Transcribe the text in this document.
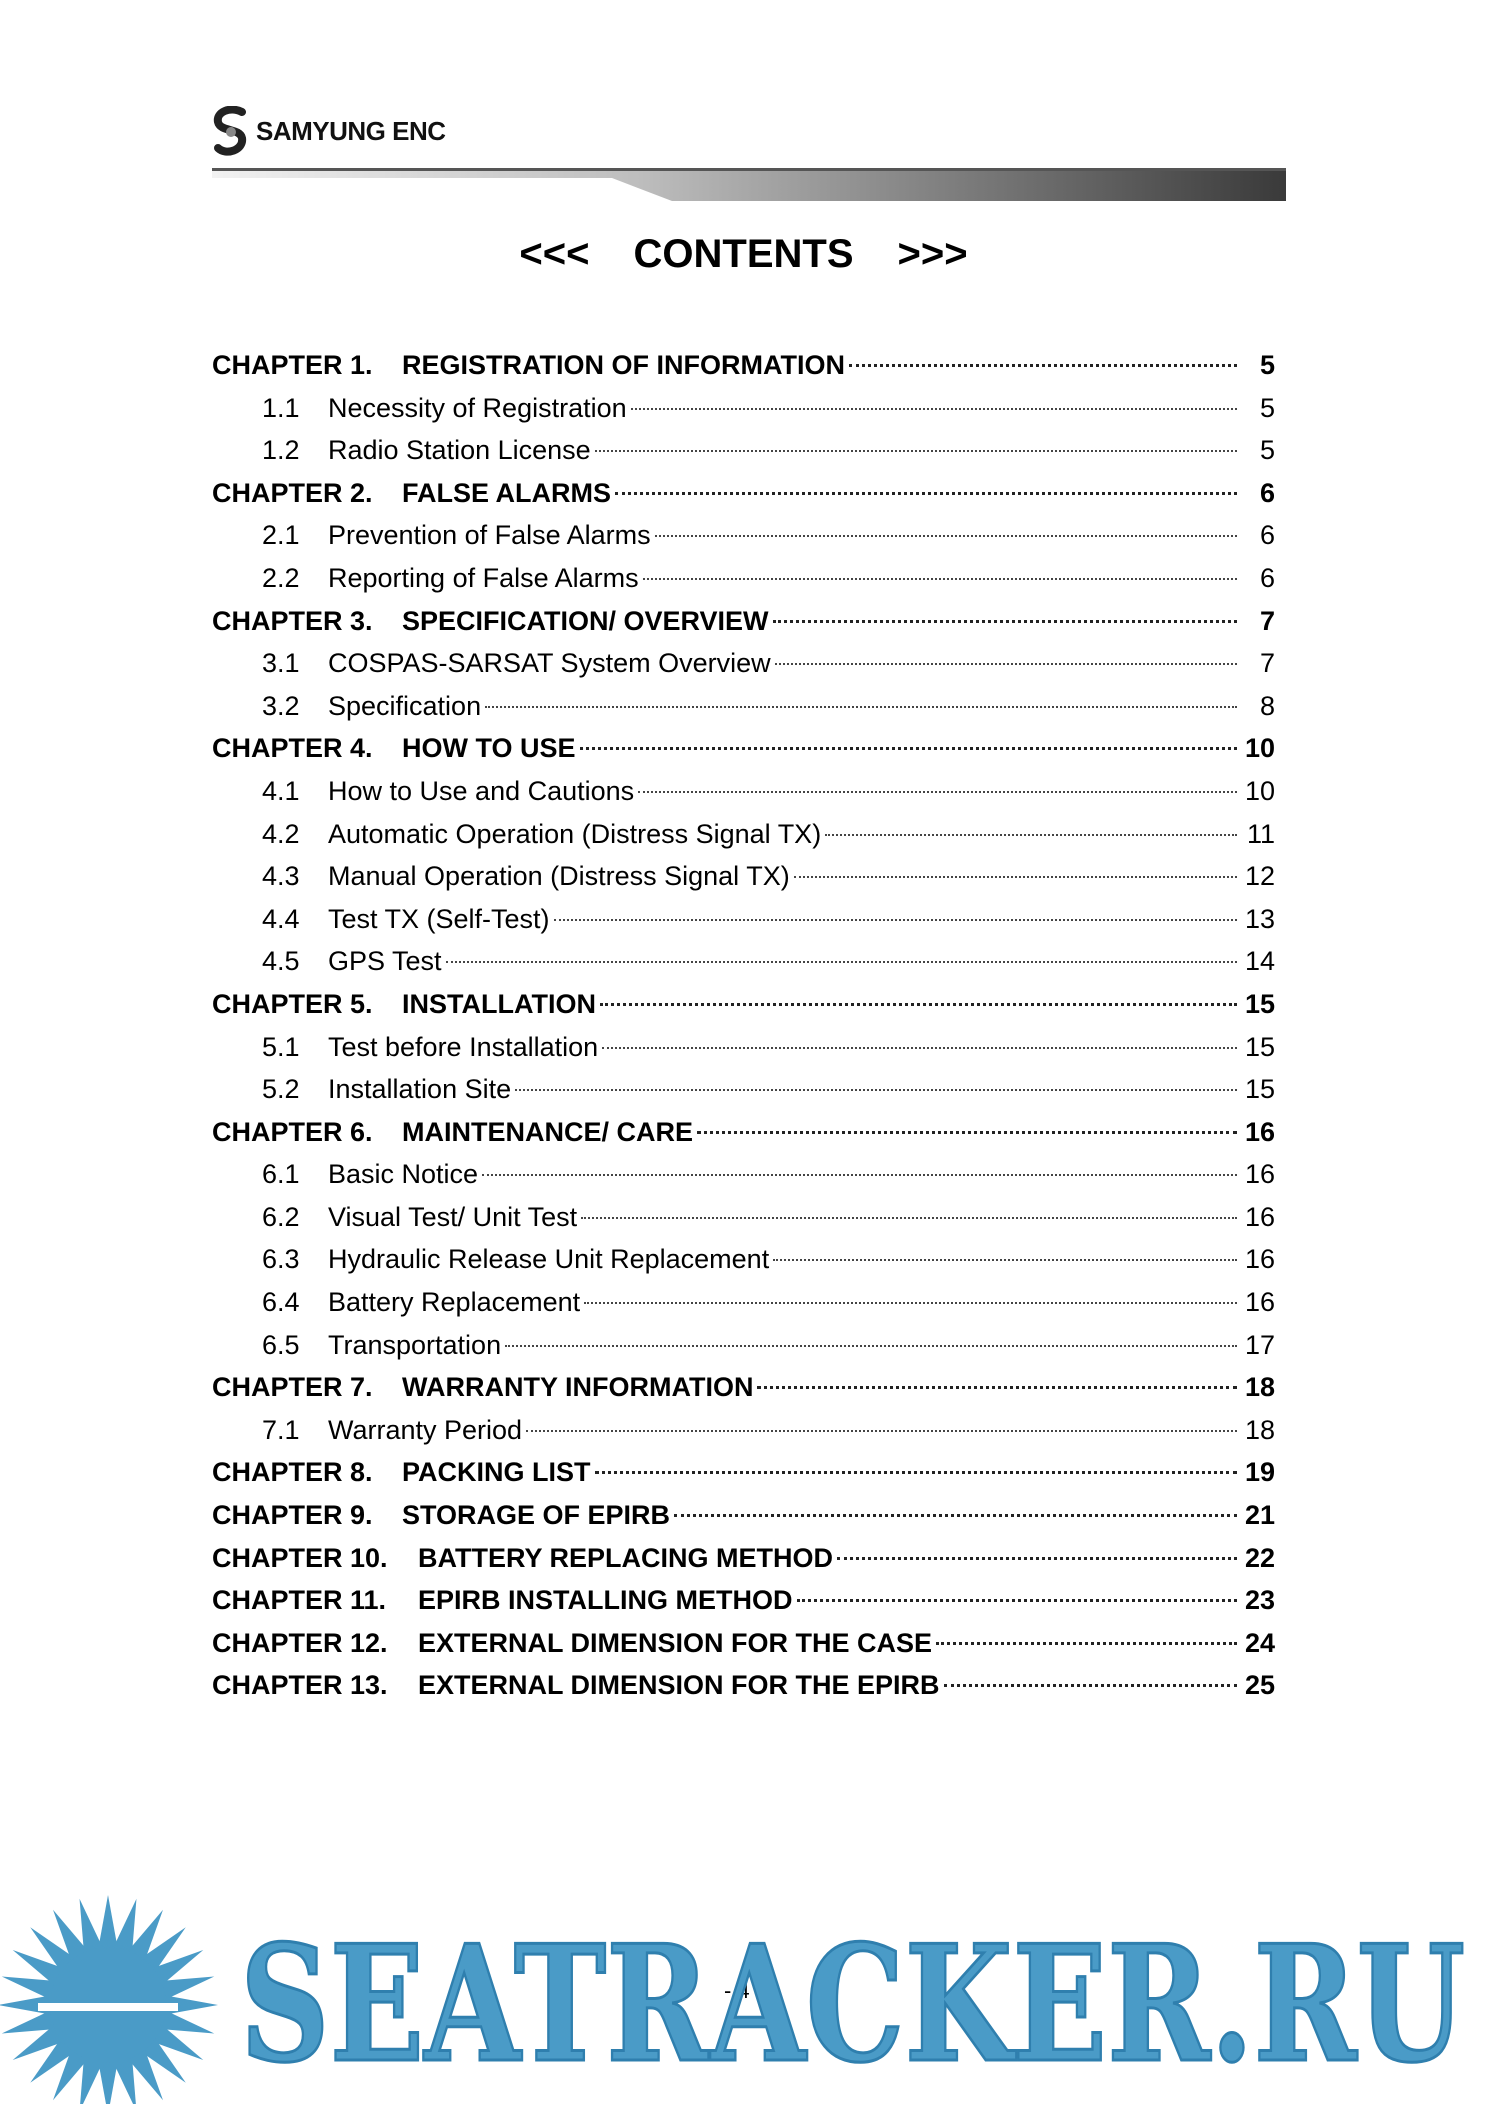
SAMYUNG ENC
<<< CONTENTS >>>
CHAPTER 1.	REGISTRATION OF INFORMATION	5
1.1	Necessity of Registration	5
1.2	Radio Station License	5
CHAPTER 2.	FALSE ALARMS	6
2.1	Prevention of False Alarms	6
2.2	Reporting of False Alarms	6
CHAPTER 3.	SPECIFICATION/ OVERVIEW	7
3.1	COSPAS-SARSAT System Overview	7
3.2	Specification	8
CHAPTER 4.	HOW TO USE	10
4.1	How to Use and Cautions	10
4.2	Automatic Operation (Distress Signal TX)	11
4.3	Manual Operation (Distress Signal TX)	12
4.4	Test TX (Self-Test)	13
4.5	GPS Test	14
CHAPTER 5.	INSTALLATION	15
5.1	Test before Installation	15
5.2	Installation Site	15
CHAPTER 6.	MAINTENANCE/ CARE	16
6.1	Basic Notice	16
6.2	Visual Test/ Unit Test	16
6.3	Hydraulic Release Unit Replacement	16
6.4	Battery Replacement	16
6.5	Transportation	17
CHAPTER 7.	WARRANTY INFORMATION	18
7.1	Warranty Period	18
CHAPTER 8.	PACKING LIST	19
CHAPTER 9.	STORAGE OF EPIRB	21
CHAPTER 10.	BATTERY REPLACING METHOD	22
CHAPTER 11.	EPIRB INSTALLING METHOD	23
CHAPTER 12.	EXTERNAL DIMENSION FOR THE CASE	24
CHAPTER 13.	EXTERNAL DIMENSION FOR THE EPIRB	25
- 4 -
SEATRACKER.RU
